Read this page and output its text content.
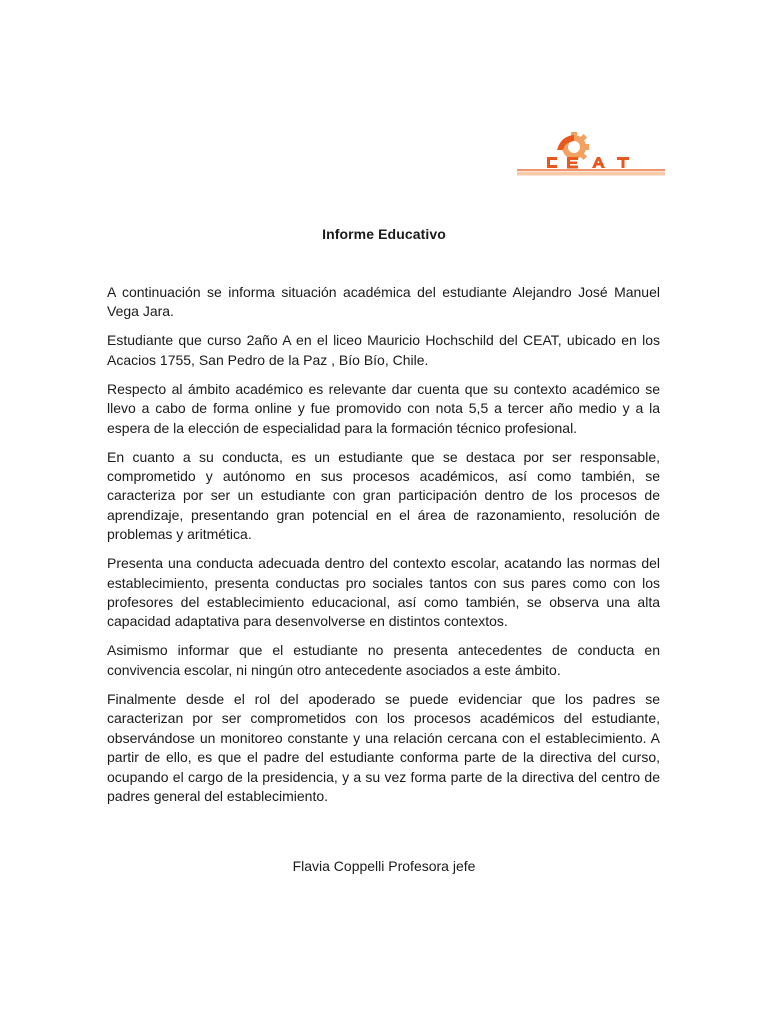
Informe Educativo

A continuación se informa situación académica del estudiante Alejandro José Manuel Vega Jara.

Estudiante que curso 2año A en el liceo Mauricio Hochschild del CEAT, ubicado en los Acacios 1755, San Pedro de la Paz , Bío Bío, Chile.

Respecto al ámbito académico es relevante dar cuenta que su contexto académico se llevo a cabo de forma online y fue promovido con nota 5,5 a tercer año medio y a la espera de la elección de especialidad para la formación técnico profesional.

En cuanto a su conducta, es un estudiante que se destaca por ser responsable, comprometido y autónomo en sus procesos académicos, así como también, se caracteriza por ser un estudiante con gran participación dentro de los procesos de aprendizaje, presentando gran potencial en el área de razonamiento, resolución de problemas y aritmética.

Presenta una conducta adecuada dentro del contexto escolar, acatando las normas del establecimiento, presenta conductas pro sociales tantos con sus pares como con los profesores del establecimiento educacional, así como también, se observa una alta capacidad adaptativa para desenvolverse en distintos contextos.

Asimismo informar que el estudiante no presenta antecedentes de conducta en convivencia escolar, ni ningún otro antecedente asociados a este ámbito.

Finalmente desde el rol del apoderado se puede evidenciar que los padres se caracterizan por ser comprometidos con los procesos académicos del estudiante, observándose un monitoreo constante y una relación cercana con el establecimiento. A partir de ello, es que el padre del estudiante conforma parte de la directiva del curso, ocupando el cargo de la presidencia, y a su vez forma parte de la directiva del centro de padres general del establecimiento.

Flavia Coppelli Profesora jefe
